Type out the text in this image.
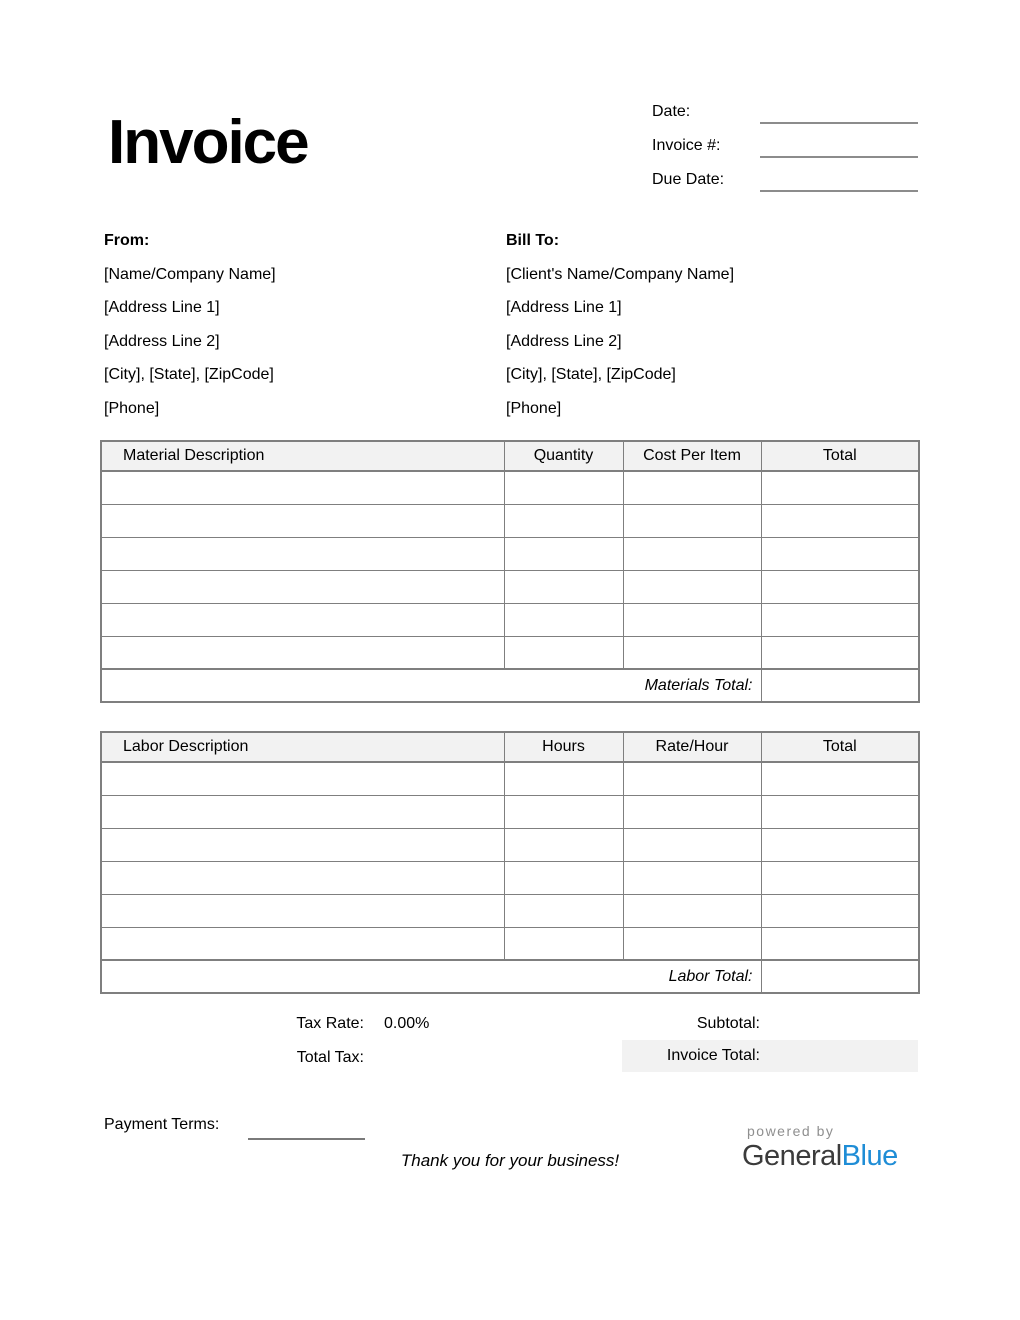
Invoice	Date:
Invoice #:
Due Date:
From:
[Name/Company Name]
[Address Line 1]
[Address Line 2]
[City], [State], [ZipCode]
[Phone]
Bill To:
[Client's Name/Company Name]
[Address Line 1]
[Address Line 2]
[City], [State], [ZipCode]
[Phone]
Material Description	Quantity	Cost Per Item	Total

Materials Total:			
Labor Description	Hours	Rate/Hour	Total

Labor Total:			
Tax Rate: 0.00%	Subtotal:
Total Tax:	Invoice Total:
Payment Terms:
Thank you for your business!
powered by
GeneralBlue
